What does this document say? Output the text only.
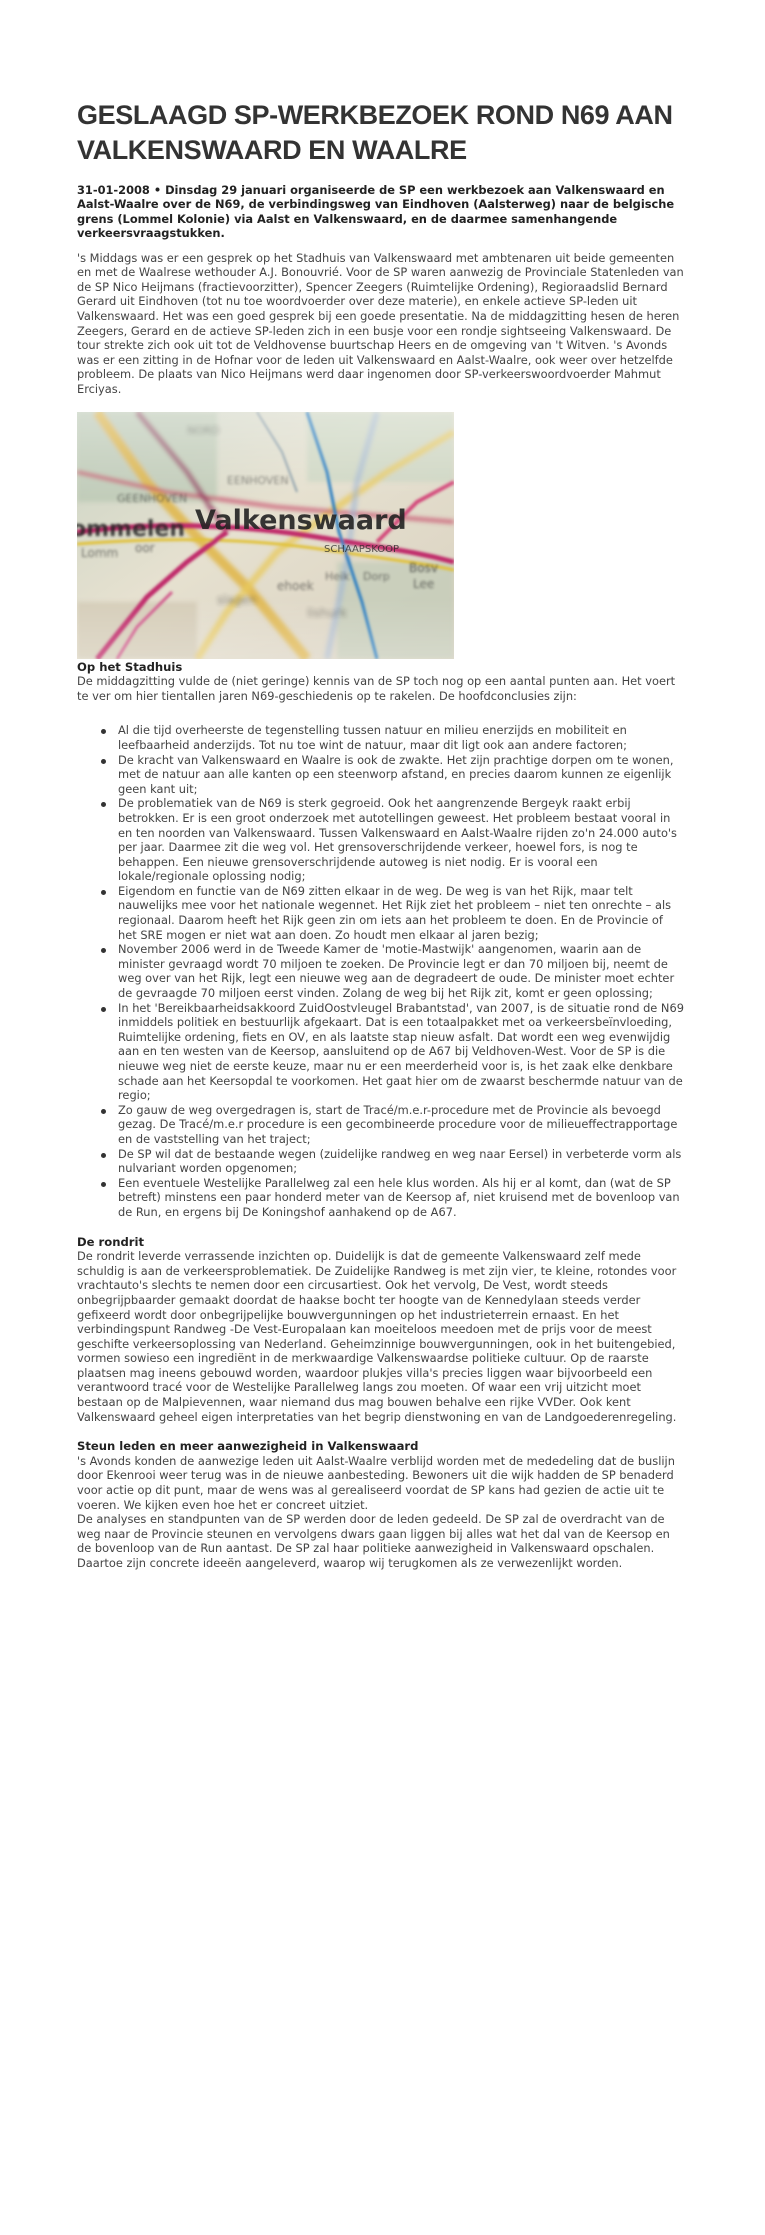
GESLAAGD SP-WERKBEZOEK ROND N69 AAN VALKENSWAARD EN WAALRE

31-01-2008 • Dinsdag 29 januari organiseerde de SP een werkbezoek aan Valkenswaard en Aalst-Waalre over de N69, de verbindingsweg van Eindhoven (Aalsterweg) naar de belgische grens (Lommel Kolonie) via Aalst en Valkenswaard, en de daarmee samenhangende verkeersvraagstukken.

's Middags was er een gesprek op het Stadhuis van Valkenswaard met ambtenaren uit beide gemeenten en met de Waalrese wethouder A.J. Bonouvrié. Voor de SP waren aanwezig de Provinciale Statenleden van de SP Nico Heijmans (fractievoorzitter), Spencer Zeegers (Ruimtelijke Ordening), Regioraadslid Bernard Gerard uit Eindhoven (tot nu toe woordvoerder over deze materie), en enkele actieve SP-leden uit Valkenswaard. Het was een goed gesprek bij een goede presentatie. Na de middagzitting hesen de heren Zeegers, Gerard en de actieve SP-leden zich in een busje voor een rondje sightseeing Valkenswaard. De tour strekte zich ook uit tot de Veldhovense buurtschap Heers en de omgeving van 't Witven. 's Avonds was er een zitting in de Hofnar voor de leden uit Valkenswaard en Aalst-Waalre, ook weer over hetzelfde probleem. De plaats van Nico Heijmans werd daar ingenomen door SP-verkeerswoordvoerder Mahmut Erciyas.

Op het Stadhuis

De middagzitting vulde de (niet geringe) kennis van de SP toch nog op een aantal punten aan. Het voert te ver om hier tientallen jaren N69-geschiedenis op te rakelen. De hoofdconclusies zijn:

Al die tijd overheerste de tegenstelling tussen natuur en milieu enerzijds en mobiliteit en leefbaarheid anderzijds. Tot nu toe wint de natuur, maar dit ligt ook aan andere factoren;
De kracht van Valkenswaard en Waalre is ook de zwakte. Het zijn prachtige dorpen om te wonen, met de natuur aan alle kanten op een steenworp afstand, en precies daarom kunnen ze eigenlijk geen kant uit;
De problematiek van de N69 is sterk gegroeid. Ook het aangrenzende Bergeyk raakt erbij betrokken. Er is een groot onderzoek met autotellingen geweest. Het probleem bestaat vooral in en ten noorden van Valkenswaard. Tussen Valkenswaard en Aalst-Waalre rijden zo'n 24.000 auto's per jaar. Daarmee zit die weg vol. Het grensoverschrijdende verkeer, hoewel fors, is nog te behappen. Een nieuwe grensoverschrijdende autoweg is niet nodig. Er is vooral een lokale/regionale oplossing nodig;
Eigendom en functie van de N69 zitten elkaar in de weg. De weg is van het Rijk, maar telt nauwelijks mee voor het nationale wegennet. Het Rijk ziet het probleem – niet ten onrechte – als regionaal. Daarom heeft het Rijk geen zin om iets aan het probleem te doen. En de Provincie of het SRE mogen er niet wat aan doen. Zo houdt men elkaar al jaren bezig;
November 2006 werd in de Tweede Kamer de 'motie-Mastwijk' aangenomen, waarin aan de minister gevraagd wordt 70 miljoen te zoeken. De Provincie legt er dan 70 miljoen bij, neemt de weg over van het Rijk, legt een nieuwe weg aan de degradeert de oude. De minister moet echter de gevraagde 70 miljoen eerst vinden. Zolang de weg bij het Rijk zit, komt er geen oplossing;
In het 'Bereikbaarheidsakkoord ZuidOostvleugel Brabantstad', van 2007, is de situatie rond de N69 inmiddels politiek en bestuurlijk afgekaart. Dat is een totaalpakket met oa verkeersbeïnvloeding, Ruimtelijke ordening, fiets en OV, en als laatste stap nieuw asfalt. Dat wordt een weg evenwijdig aan en ten westen van de Keersop, aansluitend op de A67 bij Veldhoven-West. Voor de SP is die nieuwe weg niet de eerste keuze, maar nu er een meerderheid voor is, is het zaak elke denkbare schade aan het Keersopdal te voorkomen. Het gaat hier om de zwaarst beschermde natuur van de regio;
Zo gauw de weg overgedragen is, start de Tracé/m.e.r-procedure met de Provincie als bevoegd gezag. De Tracé/m.e.r procedure is een gecombineerde procedure voor de milieueffectrapportage en de vaststelling van het traject;
De SP wil dat de bestaande wegen (zuidelijke randweg en weg naar Eersel) in verbeterde vorm als nulvariant worden opgenomen;
Een eventuele Westelijke Parallelweg zal een hele klus worden. Als hij er al komt, dan (wat de SP betreft) minstens een paar honderd meter van de Keersop af, niet kruisend met de bovenloop van de Run, en ergens bij De Koningshof aanhakend op de A67.
De rondrit

De rondrit leverde verrassende inzichten op. Duidelijk is dat de gemeente Valkenswaard zelf mede schuldig is aan de verkeersproblematiek. De Zuidelijke Randweg is met zijn vier, te kleine, rotondes voor vrachtauto's slechts te nemen door een circusartiest. Ook het vervolg, De Vest, wordt steeds onbegrijpbaarder gemaakt doordat de haakse bocht ter hoogte van de Kennedylaan steeds verder gefixeerd wordt door onbegrijpelijke bouwvergunningen op het industrieterrein ernaast. En het verbindingspunt Randweg -De Vest-Europalaan kan moeiteloos meedoen met de prijs voor de meest geschifte verkeersoplossing van Nederland. Geheimzinnige bouwvergunningen, ook in het buitengebied, vormen sowieso een ingrediënt in de merkwaardige Valkenswaardse politieke cultuur. Op de raarste plaatsen mag ineens gebouwd worden, waardoor plukjes villa's precies liggen waar bijvoorbeeld een verantwoord tracé voor de Westelijke Parallelweg langs zou moeten. Of waar een vrij uitzicht moet bestaan op de Malpievennen, waar niemand dus mag bouwen behalve een rijke VVDer. Ook kent Valkenswaard geheel eigen interpretaties van het begrip dienstwoning en van de Landgoederenregeling.

Steun leden en meer aanwezigheid in Valkenswaard

's Avonds konden de aanwezige leden uit Aalst-Waalre verblijd worden met de mededeling dat de buslijn door Ekenrooi weer terug was in de nieuwe aanbesteding. Bewoners uit die wijk hadden de SP benaderd voor actie op dit punt, maar de wens was al gerealiseerd voordat de SP kans had gezien de actie uit te voeren. We kijken even hoe het er concreet uitziet.

De analyses en standpunten van de SP werden door de leden gedeeld. De SP zal de overdracht van de weg naar de Provincie steunen en vervolgens dwars gaan liggen bij alles wat het dal van de Keersop en de bovenloop van de Run aantast. De SP zal haar politieke aanwezigheid in Valkenswaard opschalen. Daartoe zijn concrete ideeën aangeleverd, waarop wij terugkomen als ze verwezenlijkt worden.
